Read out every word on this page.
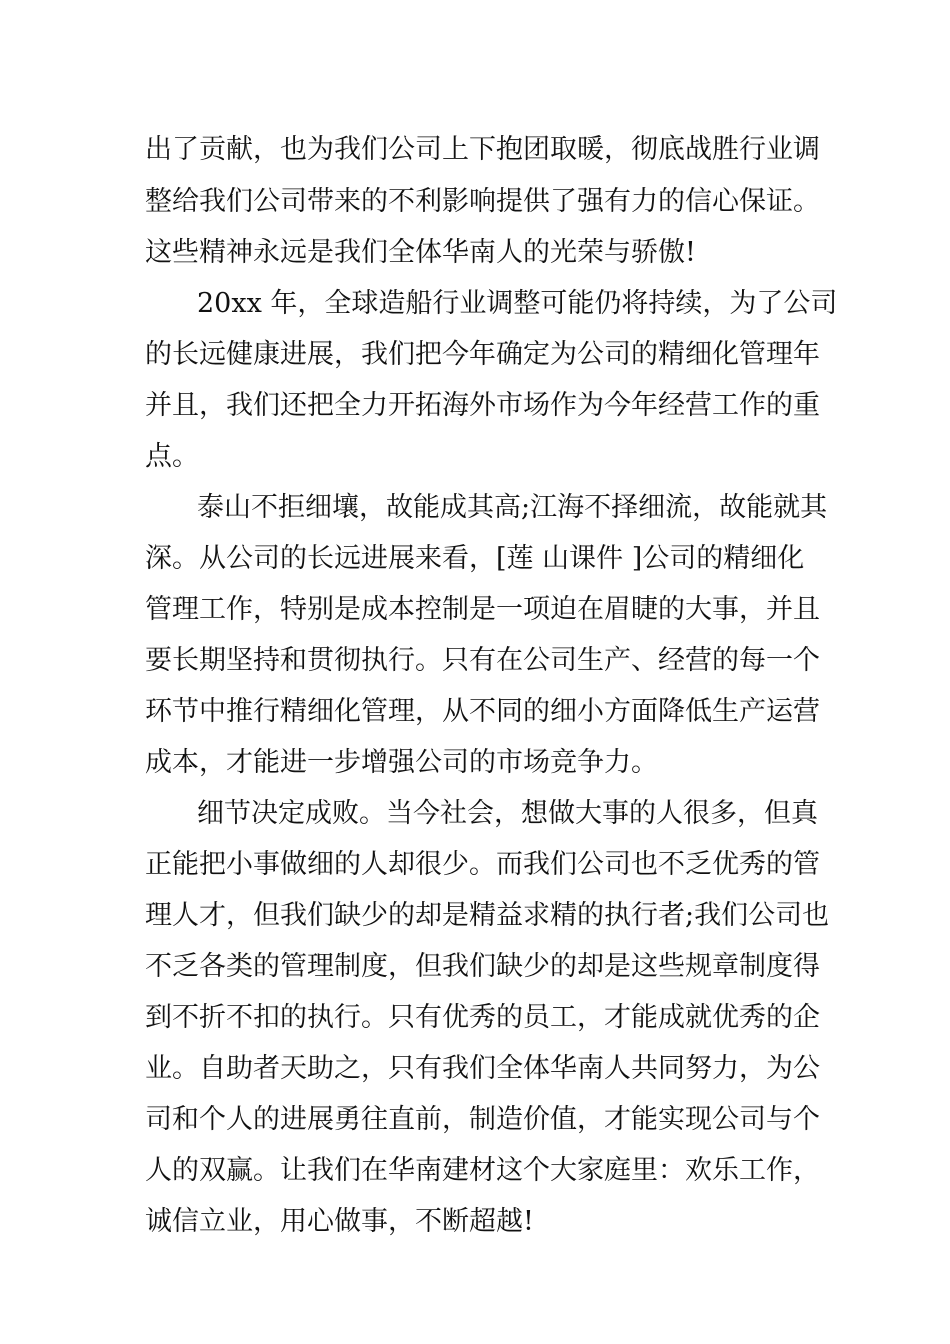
出了贡献，也为我们公司上下抱团取暖，彻底战胜行业调

整给我们公司带来的不利影响提供了强有力的信心保证。

这些精神永远是我们全体华南人的光荣与骄傲!

20xx 年，全球造船行业调整可能仍将持续，为了公司

的长远健康进展，我们把今年确定为公司的精细化管理年

并且，我们还把全力开拓海外市场作为今年经营工作的重

点。

泰山不拒细壤，故能成其高;江海不择细流，故能就其

深。从公司的长远进展来看，[莲 山课件 ]公司的精细化

管理工作，特别是成本控制是一项迫在眉睫的大事，并且

要长期坚持和贯彻执行。只有在公司生产、经营的每一个

环节中推行精细化管理，从不同的细小方面降低生产运营

成本，才能进一步增强公司的市场竞争力。

细节决定成败。当今社会，想做大事的人很多，但真

正能把小事做细的人却很少。而我们公司也不乏优秀的管

理人才，但我们缺少的却是精益求精的执行者;我们公司也

不乏各类的管理制度，但我们缺少的却是这些规章制度得

到不折不扣的执行。只有优秀的员工，才能成就优秀的企

业。自助者天助之，只有我们全体华南人共同努力，为公

司和个人的进展勇往直前，制造价值，才能实现公司与个

人的双赢。让我们在华南建材这个大家庭里：欢乐工作，

诚信立业，用心做事，不断超越!
